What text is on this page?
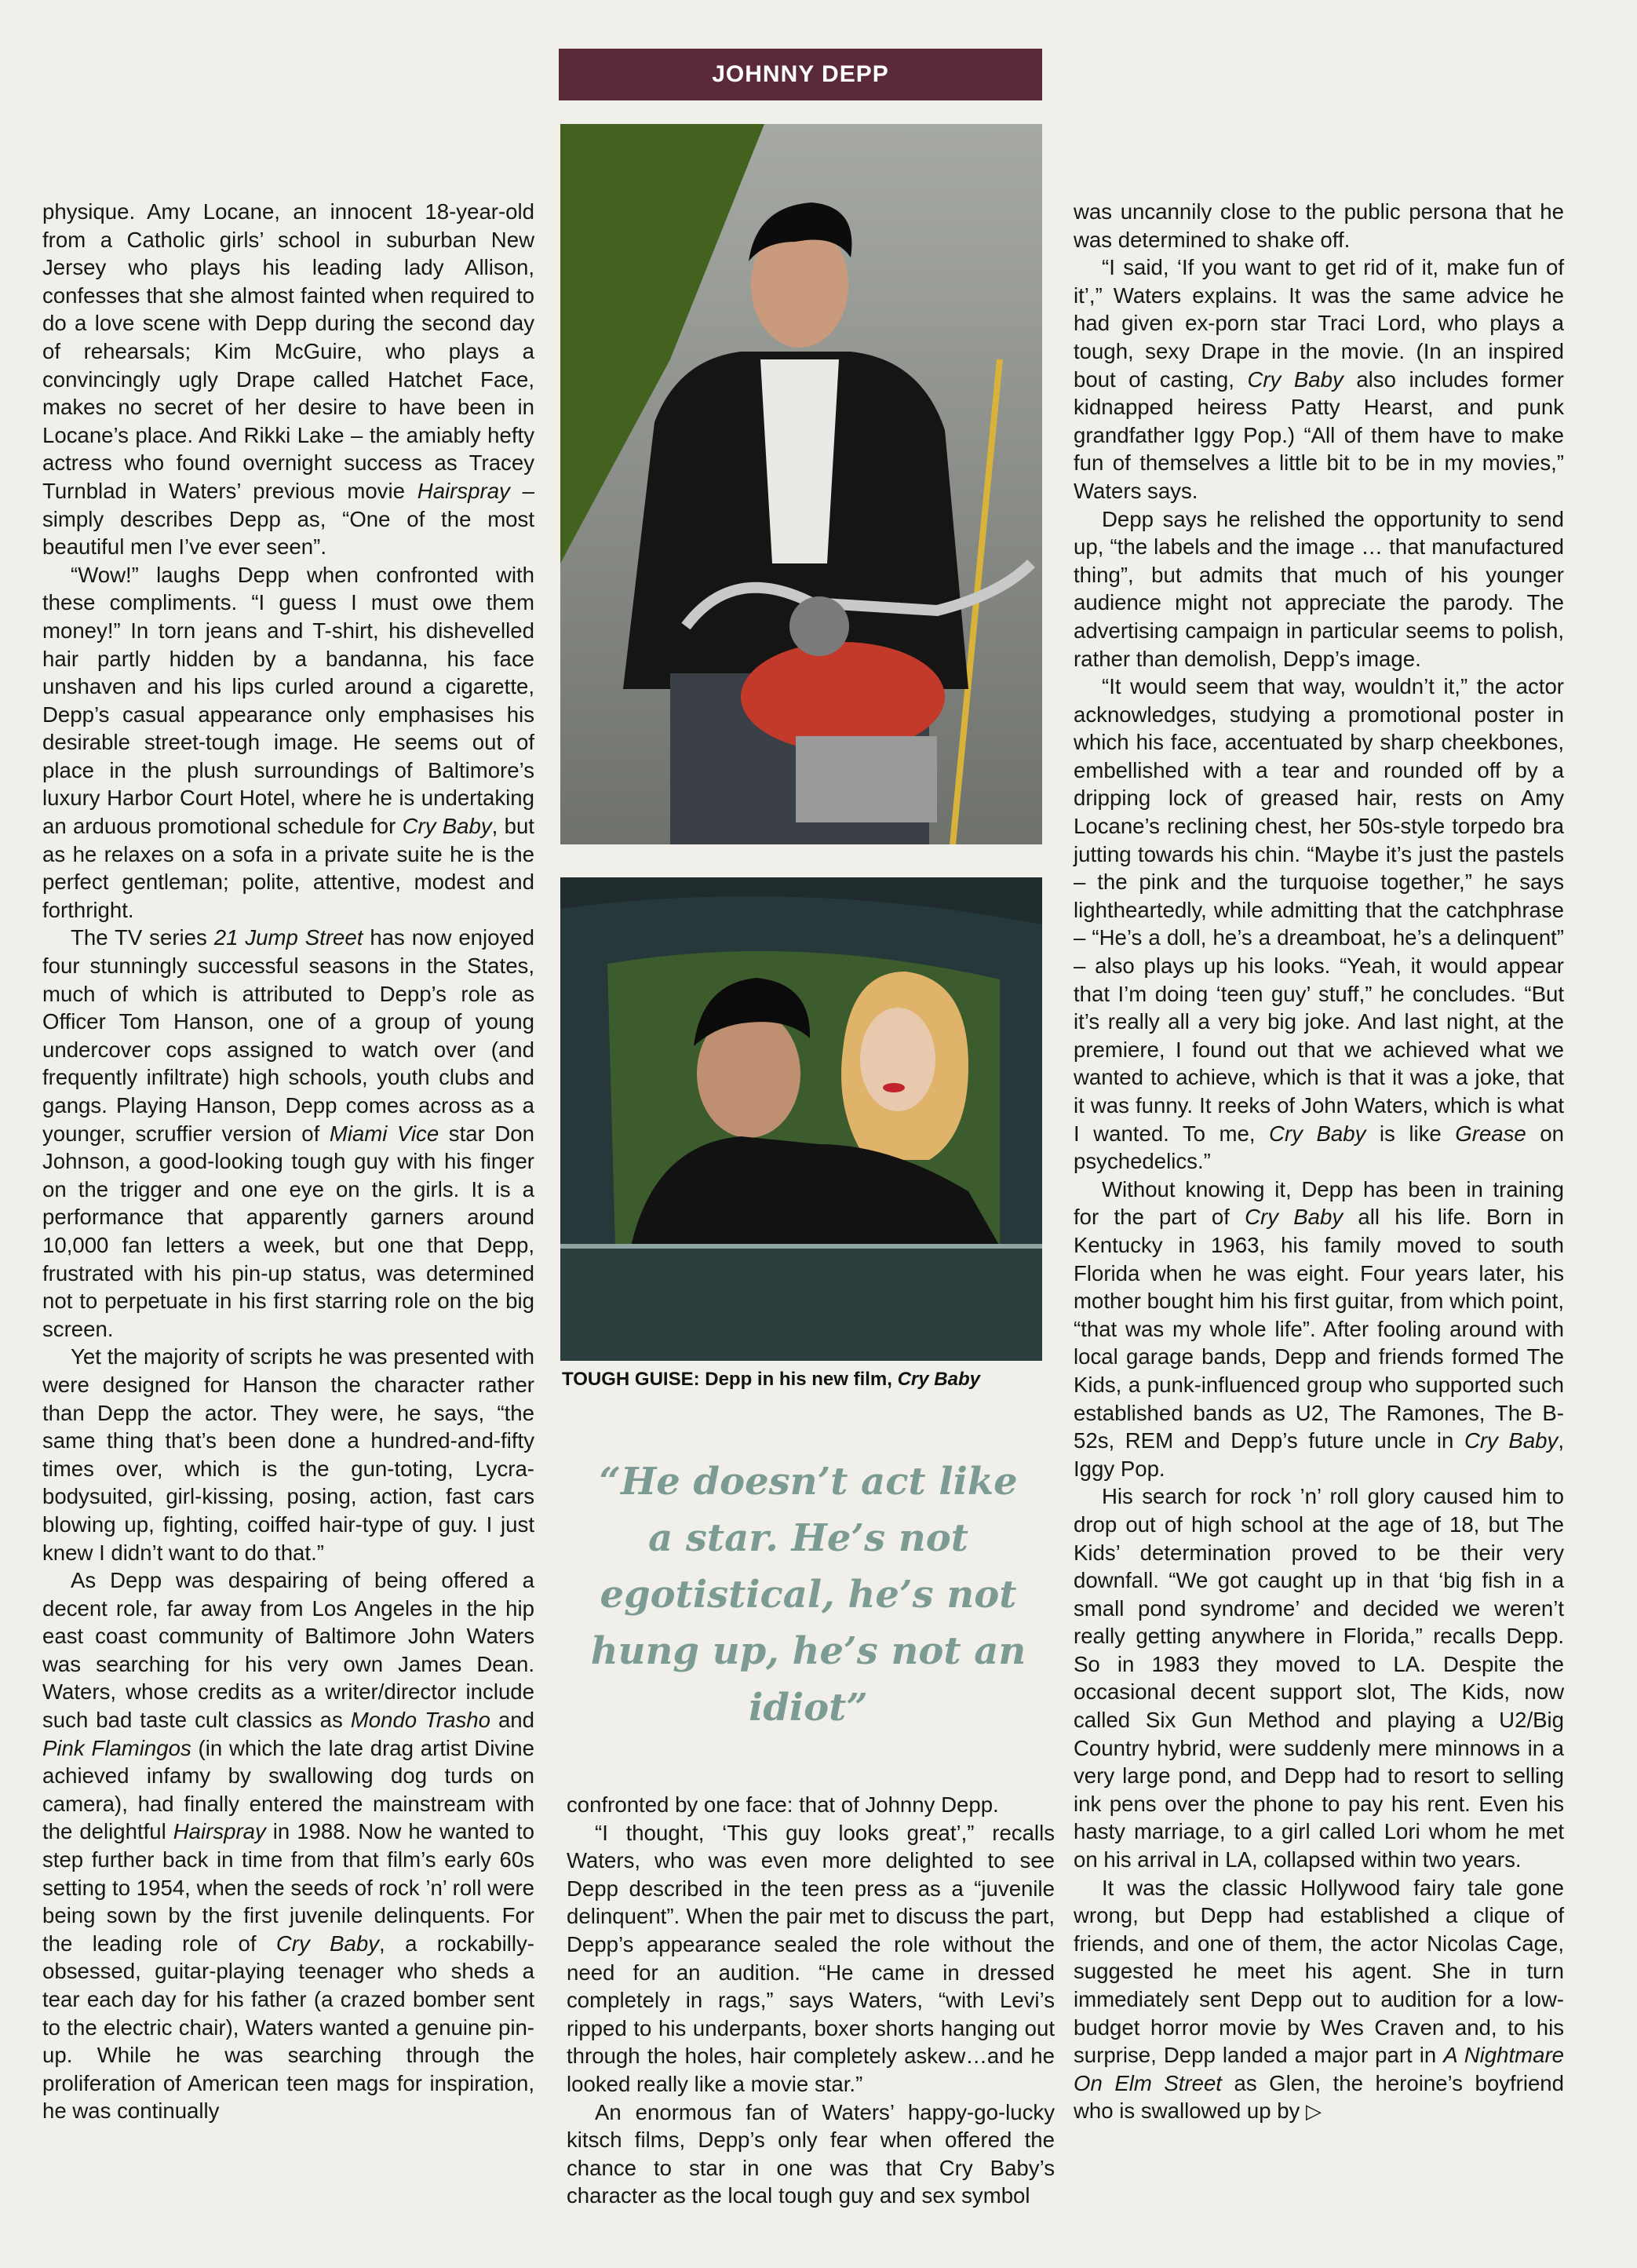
JOHNNY DEPP
TOUGH GUISE: Depp in his new film, Cry Baby
“He doesn’t act like a star. He’s not egotistical, he’s not hung up, he’s not an idiot”

physique. Amy Locane, an innocent 18-year-old from a Catholic girls’ school in suburban New Jersey who plays his leading lady Allison, confesses that she almost fainted when required to do a love scene with Depp during the second day of rehearsals; Kim McGuire, who plays a convincingly ugly Drape called Hatchet Face, makes no secret of her desire to have been in Locane’s place. And Rikki Lake – the amiably hefty actress who found overnight success as Tracey Turnblad in Waters’ previous movie Hairspray – simply describes Depp as, “One of the most beautiful men I’ve ever seen”.

“Wow!” laughs Depp when confronted with these compliments. “I guess I must owe them money!” In torn jeans and T-shirt, his dishevelled hair partly hidden by a bandanna, his face unshaven and his lips curled around a cigarette, Depp’s casual appearance only emphasises his desirable street-tough image. He seems out of place in the plush surroundings of Baltimore’s luxury Harbor Court Hotel, where he is undertaking an arduous promotional schedule for Cry Baby, but as he relaxes on a sofa in a private suite he is the perfect gentleman; polite, attentive, modest and forthright.

The TV series 21 Jump Street has now enjoyed four stunningly successful seasons in the States, much of which is attributed to Depp’s role as Officer Tom Hanson, one of a group of young undercover cops assigned to watch over (and frequently infiltrate) high schools, youth clubs and gangs. Playing Hanson, Depp comes across as a younger, scruffier version of Miami Vice star Don Johnson, a good-looking tough guy with his finger on the trigger and one eye on the girls. It is a performance that apparently garners around 10,000 fan letters a week, but one that Depp, frustrated with his pin-up status, was determined not to perpetuate in his first starring role on the big screen.

Yet the majority of scripts he was presented with were designed for Hanson the character rather than Depp the actor. They were, he says, “the same thing that’s been done a hundred-and-fifty times over, which is the gun-toting, Lycra-bodysuited, girl-kissing, posing, action, fast cars blowing up, fighting, coiffed hair-type of guy. I just knew I didn’t want to do that.”

As Depp was despairing of being offered a decent role, far away from Los Angeles in the hip east coast community of Baltimore John Waters was searching for his very own James Dean. Waters, whose credits as a writer/director include such bad taste cult classics as Mondo Trasho and Pink Flamingos (in which the late drag artist Divine achieved infamy by swallowing dog turds on camera), had finally entered the mainstream with the delightful Hairspray in 1988. Now he wanted to step further back in time from that film’s early 60s setting to 1954, when the seeds of rock ’n’ roll were being sown by the first juvenile delinquents. For the leading role of Cry Baby, a rockabilly-obsessed, guitar-playing teenager who sheds a tear each day for his father (a crazed bomber sent to the electric chair), Waters wanted a genuine pin-up. While he was searching through the proliferation of American teen mags for inspiration, he was continually

confronted by one face: that of Johnny Depp.

“I thought, ‘This guy looks great’,” recalls Waters, who was even more delighted to see Depp described in the teen press as a “juvenile delinquent”. When the pair met to discuss the part, Depp’s appearance sealed the role without the need for an audition. “He came in dressed completely in rags,” says Waters, “with Levi’s ripped to his underpants, boxer shorts hanging out through the holes, hair completely askew…and he looked really like a movie star.”

An enormous fan of Waters’ happy-go-lucky kitsch films, Depp’s only fear when offered the chance to star in one was that Cry Baby’s character as the local tough guy and sex symbol

was uncannily close to the public persona that he was determined to shake off.

“I said, ‘If you want to get rid of it, make fun of it’,” Waters explains. It was the same advice he had given ex-porn star Traci Lord, who plays a tough, sexy Drape in the movie. (In an inspired bout of casting, Cry Baby also includes former kidnapped heiress Patty Hearst, and punk grandfather Iggy Pop.) “All of them have to make fun of themselves a little bit to be in my movies,” Waters says.

Depp says he relished the opportunity to send up, “the labels and the image … that manufactured thing”, but admits that much of his younger audience might not appreciate the parody. The advertising campaign in particular seems to polish, rather than demolish, Depp’s image.

“It would seem that way, wouldn’t it,” the actor acknowledges, studying a promotional poster in which his face, accentuated by sharp cheekbones, embellished with a tear and rounded off by a dripping lock of greased hair, rests on Amy Locane’s reclining chest, her 50s-style torpedo bra jutting towards his chin. “Maybe it’s just the pastels – the pink and the turquoise together,” he says lightheartedly, while admitting that the catchphrase – “He’s a doll, he’s a dreamboat, he’s a delinquent” – also plays up his looks. “Yeah, it would appear that I’m doing ‘teen guy’ stuff,” he concludes. “But it’s really all a very big joke. And last night, at the premiere, I found out that we achieved what we wanted to achieve, which is that it was a joke, that it was funny. It reeks of John Waters, which is what I wanted. To me, Cry Baby is like Grease on psychedelics.”

Without knowing it, Depp has been in training for the part of Cry Baby all his life. Born in Kentucky in 1963, his family moved to south Florida when he was eight. Four years later, his mother bought him his first guitar, from which point, “that was my whole life”. After fooling around with local garage bands, Depp and friends formed The Kids, a punk-influenced group who supported such established bands as U2, The Ramones, The B-52s, REM and Depp’s future uncle in Cry Baby, Iggy Pop.

His search for rock ’n’ roll glory caused him to drop out of high school at the age of 18, but The Kids’ determination proved to be their very downfall. “We got caught up in that ‘big fish in a small pond syndrome’ and decided we weren’t really getting anywhere in Florida,” recalls Depp. So in 1983 they moved to LA. Despite the occasional decent support slot, The Kids, now called Six Gun Method and playing a U2/Big Country hybrid, were suddenly mere minnows in a very large pond, and Depp had to resort to selling ink pens over the phone to pay his rent. Even his hasty marriage, to a girl called Lori whom he met on his arrival in LA, collapsed within two years.

It was the classic Hollywood fairy tale gone wrong, but Depp had established a clique of friends, and one of them, the actor Nicolas Cage, suggested he meet his agent. She in turn immediately sent Depp out to audition for a low-budget horror movie by Wes Craven and, to his surprise, Depp landed a major part in A Nightmare On Elm Street as Glen, the heroine’s boyfriend who is swallowed up by ▷
